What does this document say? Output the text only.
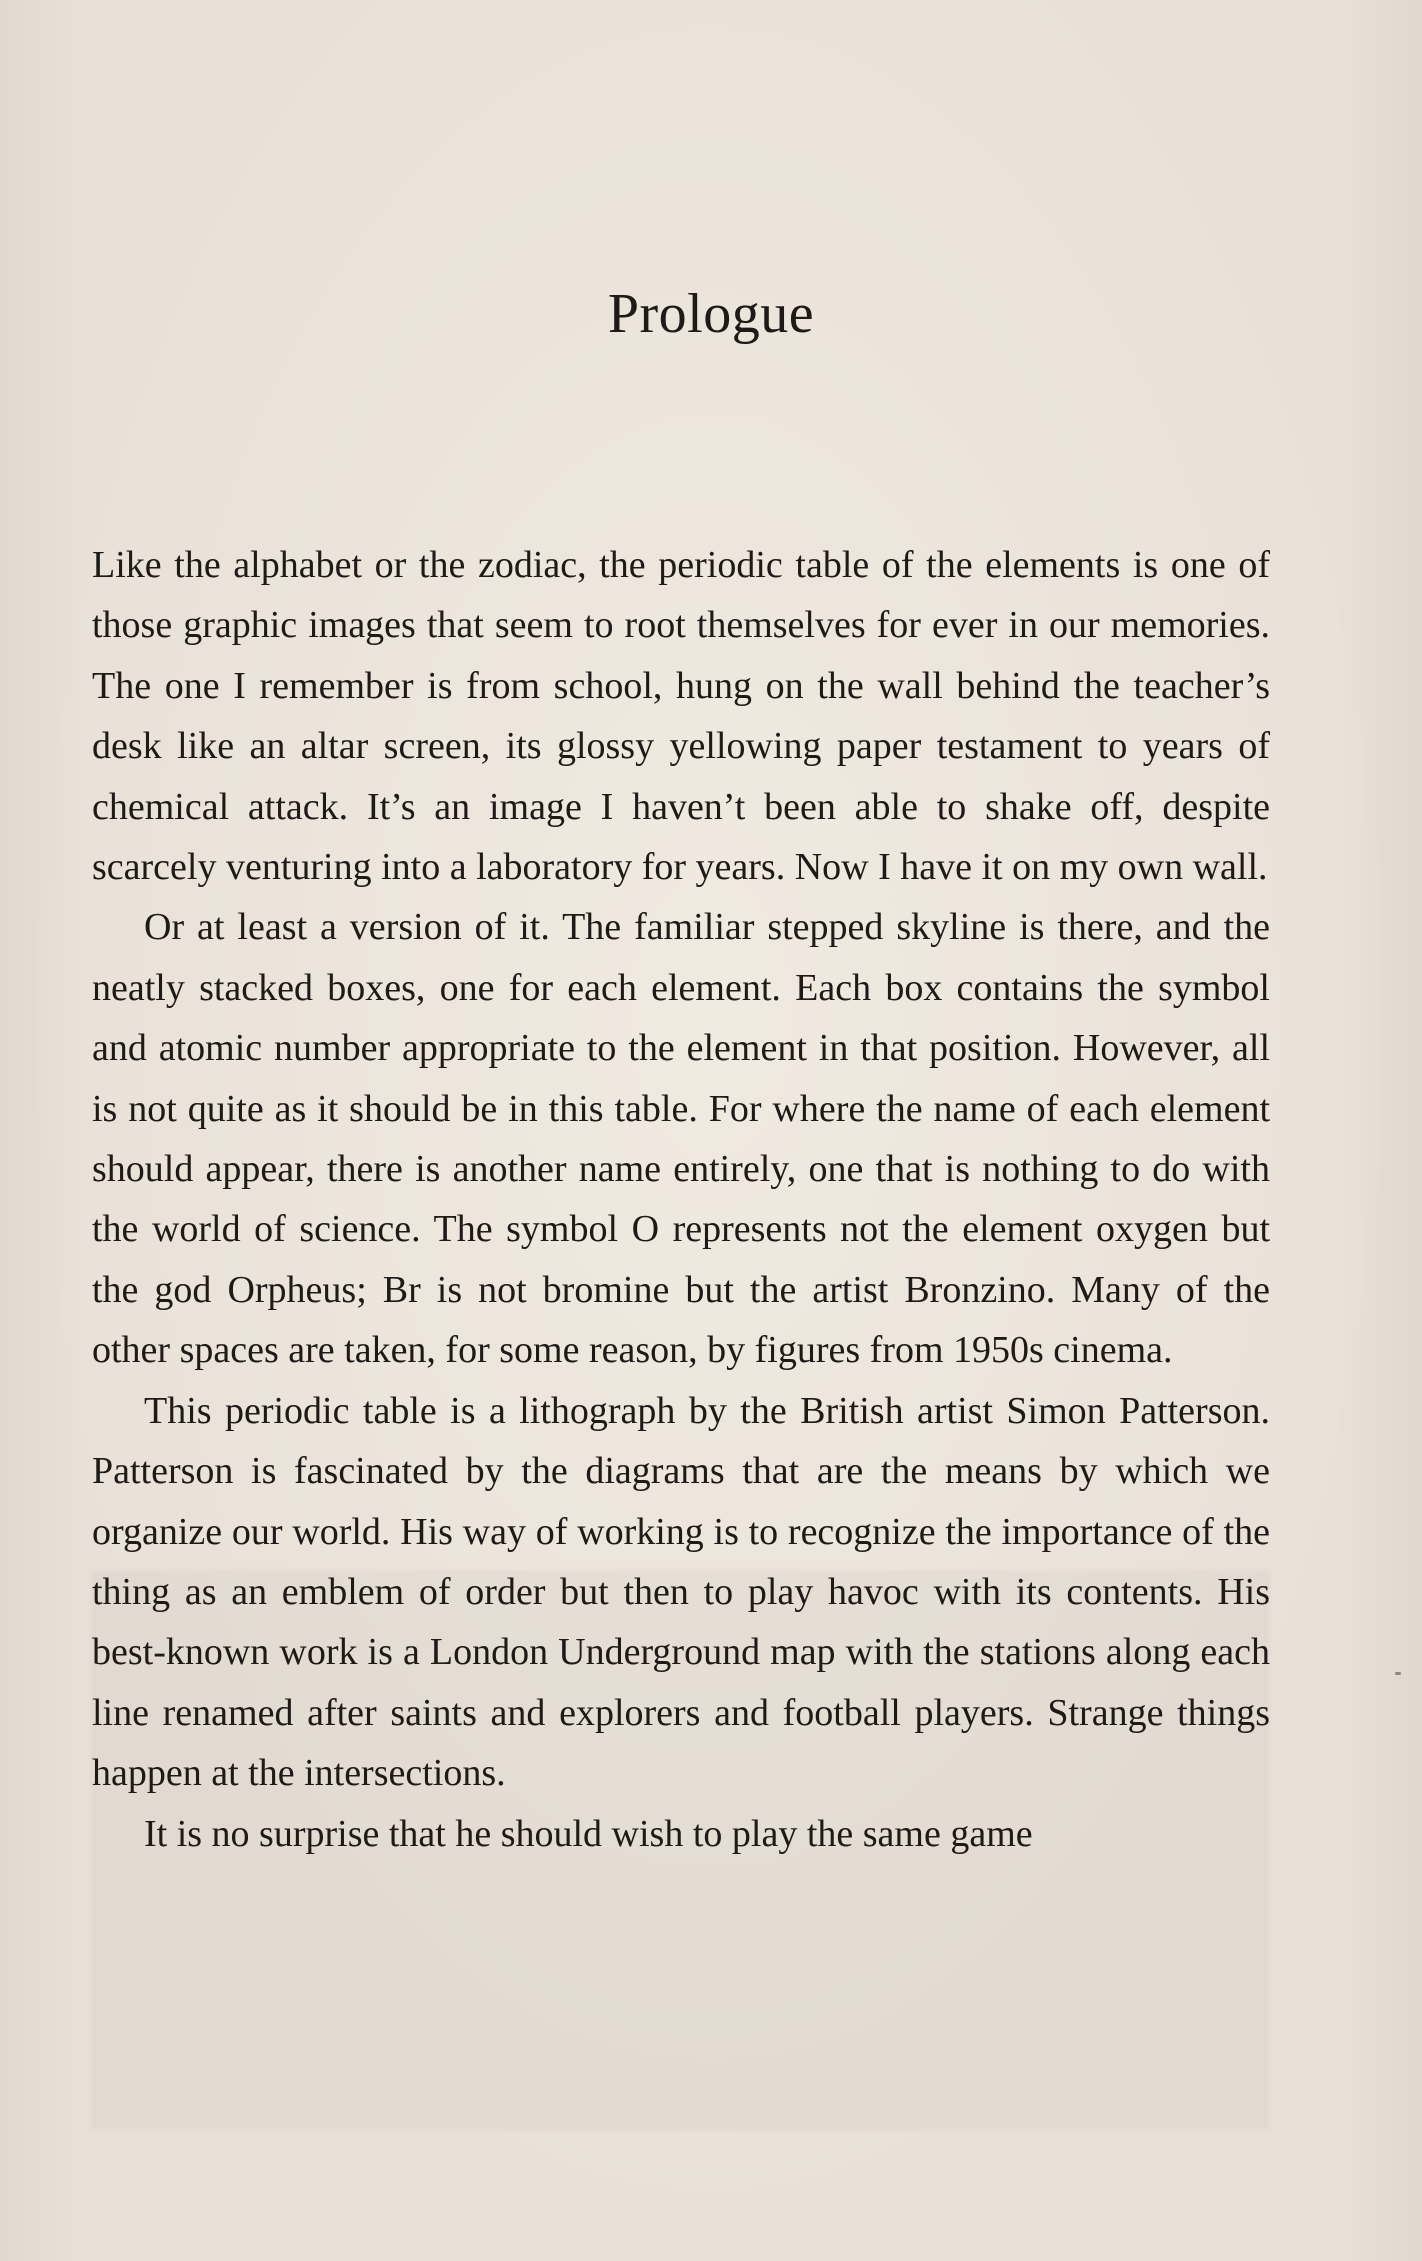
Prologue

Like the alphabet or the zodiac, the periodic table of the elements is one of those graphic images that seem to root themselves for ever in our memories. The one I remember is from school, hung on the wall behind the teacher’s desk like an altar screen, its glossy yellowing paper testament to years of chemical attack. It’s an image I haven’t been able to shake off, despite scarcely venturing into a laboratory for years. Now I have it on my own wall.

Or at least a version of it. The familiar stepped skyline is there, and the neatly stacked boxes, one for each element. Each box contains the symbol and atomic number appropriate to the element in that position. However, all is not quite as it should be in this table. For where the name of each element should appear, there is another name entirely, one that is nothing to do with the world of science. The symbol O represents not the element oxygen but the god Orpheus; Br is not bromine but the artist Bronzino. Many of the other spaces are taken, for some reason, by figures from 1950s cinema.

This periodic table is a lithograph by the British artist Simon Patterson. Patterson is fascinated by the diagrams that are the means by which we organize our world. His way of working is to recognize the importance of the thing as an emblem of order but then to play havoc with its contents. His best-known work is a London Underground map with the stations along each line renamed after saints and explorers and football players. Strange things happen at the intersections.

It is no surprise that he should wish to play the same game
